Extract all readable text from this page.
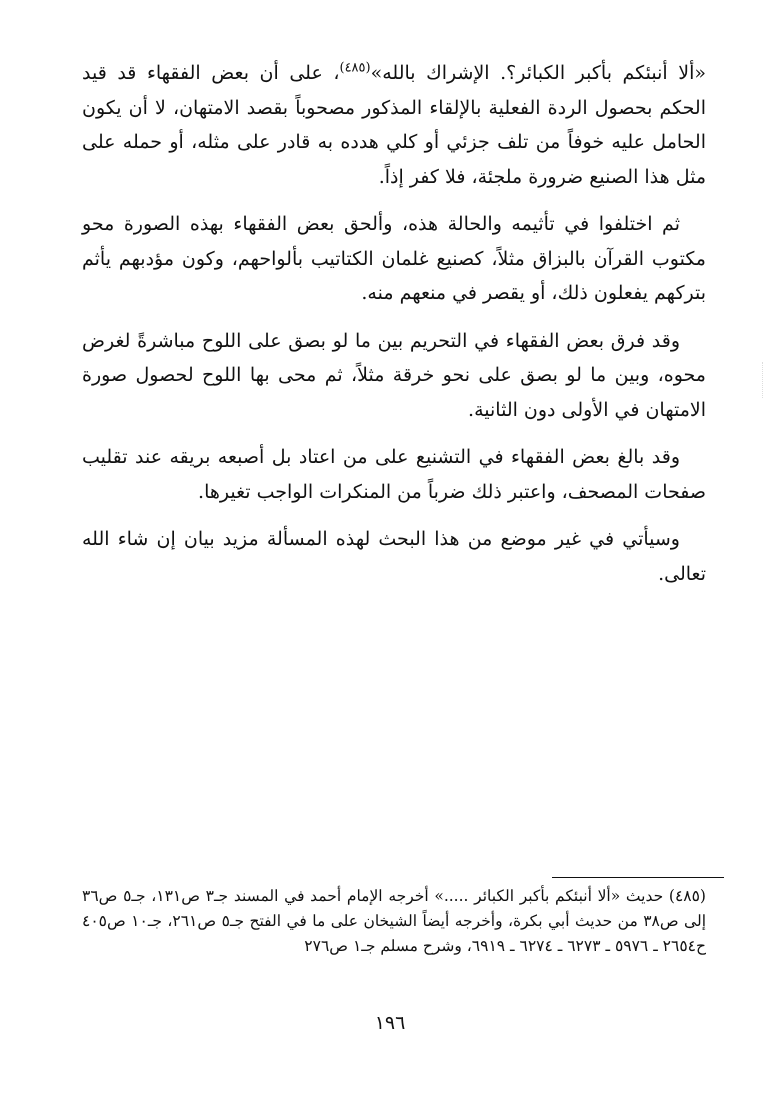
«ألا أنبئكم بأكبر الكبائر؟. الإشراك بالله»$^{(٤٨٥)}$، على أن بعض الفقهاء قد قيد الحكم بحصول الردة الفعلية بالإلقاء المذكور مصحوباً بقصد الامتهان، لا أن يكون الحامل عليه خوفاً من تلف جزئي أو كلي هدده به قادر على مثله، أو حمله على مثل هذا الصنيع ضرورة ملجئة، فلا كفر إذاً.

ثم اختلفوا في تأثيمه والحالة هذه، وألحق بعض الفقهاء بهذه الصورة محو مكتوب القرآن بالبزاق مثلاً، كصنيع غلمان الكتاتيب بألواحهم، وكون مؤدبهم يأثم بتركهم يفعلون ذلك، أو يقصر في منعهم منه.

وقد فرق بعض الفقهاء في التحريم بين ما لو بصق على اللوح مباشرةً لغرض محوه، وبين ما لو بصق على نحو خرقة مثلاً، ثم محى بها اللوح لحصول صورة الامتهان في الأولى دون الثانية.

وقد بالغ بعض الفقهاء في التشنيع على من اعتاد بل أصبعه بريقه عند تقليب صفحات المصحف، واعتبر ذلك ضرباً من المنكرات الواجب تغيرها.

وسيأتي في غير موضع من هذا البحث لهذه المسألة مزيد بيان إن شاء الله تعالى.

(٤٨٥) حديث «ألا أنبئكم بأكبر الكبائر .....» أخرجه الإمام أحمد في المسند جـ٣ ص١٣١، جـ٥ ص٣٦ إلى ص٣٨ من حديث أبي بكرة، وأخرجه أيضاً الشيخان على ما في الفتح جـ٥ ص٢٦١، جـ١٠ ص٤٠٥ ح٢٦٥٤ ـ ٥٩٧٦ ـ ٦٢٧٣ ـ ٦٢٧٤ ـ ٦٩١٩، وشرح مسلم جـ١ ص٢٧٦

١٩٦
